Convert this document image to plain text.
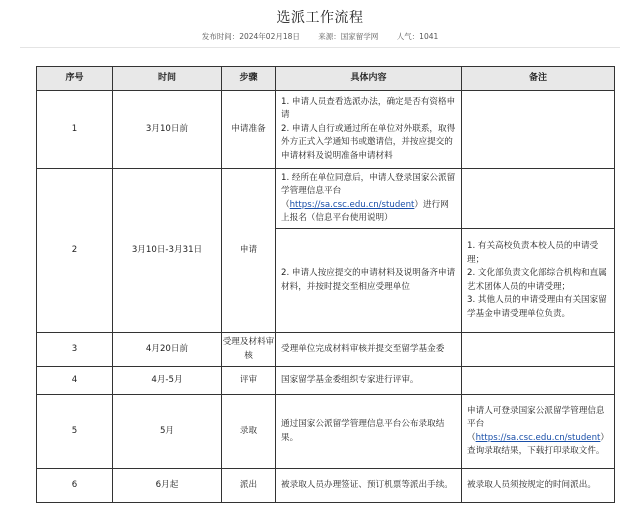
选派工作流程
发布时间：2024年02月18日 来源：国家留学网 人气：1041
序号	时间	步骤	具体内容	备注
1	3月10日前	申请准备	1. 申请人员查看选派办法，确定是否有资格申请
2. 申请人自行或通过所在单位对外联系，取得外方正式入学通知书或邀请信，并按应提交的申请材料及说明准备申请材料	

2	3月10日-3月31日	申请	1. 经所在单位同意后，申请人登录国家公派留学管理信息平台（https://sa.csc.edu.cn/student）进行网上报名（信息平台使用说明）	
			2. 申请人按应提交的申请材料及说明备齐申请材料，并按时提交至相应受理单位	1. 有关高校负责本校人员的申请受理；
2. 文化部负责文化部综合机构和直属艺术团体人员的申请受理；
3. 其他人员的申请受理由有关国家留学基金申请受理单位负责。

3	4月20日前	受理及材料审核	受理单位完成材料审核并提交至留学基金委	
4	4月-5月	评审	国家留学基金委组织专家进行评审。	
5	5月	录取	通过国家公派留学管理信息平台公布录取结果。	申请人可登录国家公派留学管理信息平台（https://sa.csc.edu.cn/student）查询录取结果，下载打印录取文件。
6	6月起	派出	被录取人员办理签证、预订机票等派出手续。	被录取人员须按规定的时间派出。
